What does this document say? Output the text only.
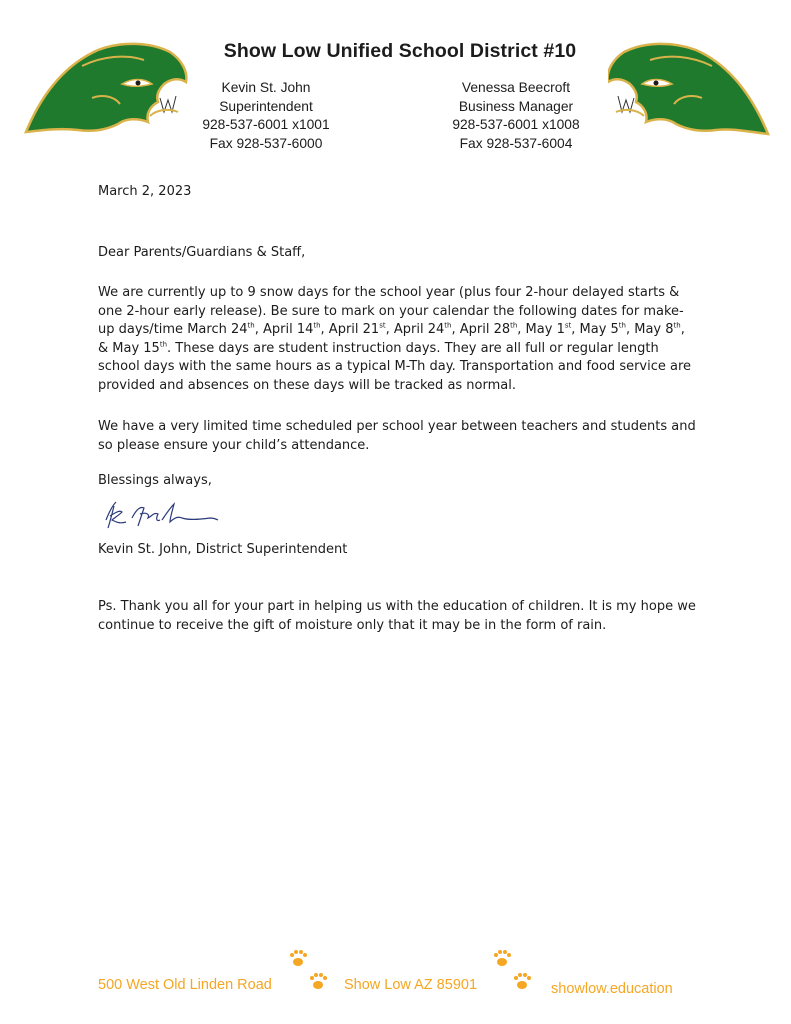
Show Low Unified School District #10
Kevin St. John
Superintendent
928-537-6001 x1001
Fax 928-537-6000
Venessa Beecroft
Business Manager
928-537-6001 x1008
Fax 928-537-6004
March 2, 2023
Dear Parents/Guardians & Staff,

We are currently up to 9 snow days for the school year (plus four 2-hour delayed starts & one 2-hour early release). Be sure to mark on your calendar the following dates for make-up days/time March 24th, April 14th, April 21st, April 24th, April 28th, May 1st, May 5th, May 8th, & May 15th. These days are student instruction days. They are all full or regular length school days with the same hours as a typical M-Th day. Transportation and food service are provided and absences on these days will be tracked as normal.

We have a very limited time scheduled per school year between teachers and students and so please ensure your child’s attendance.

Blessings always,
Kevin St. John, District Superintendent

Ps. Thank you all for your part in helping us with the education of children. It is my hope we continue to receive the gift of moisture only that it may be in the form of rain.

500 West Old Linden Road	Show Low AZ 85901	showlow.education
